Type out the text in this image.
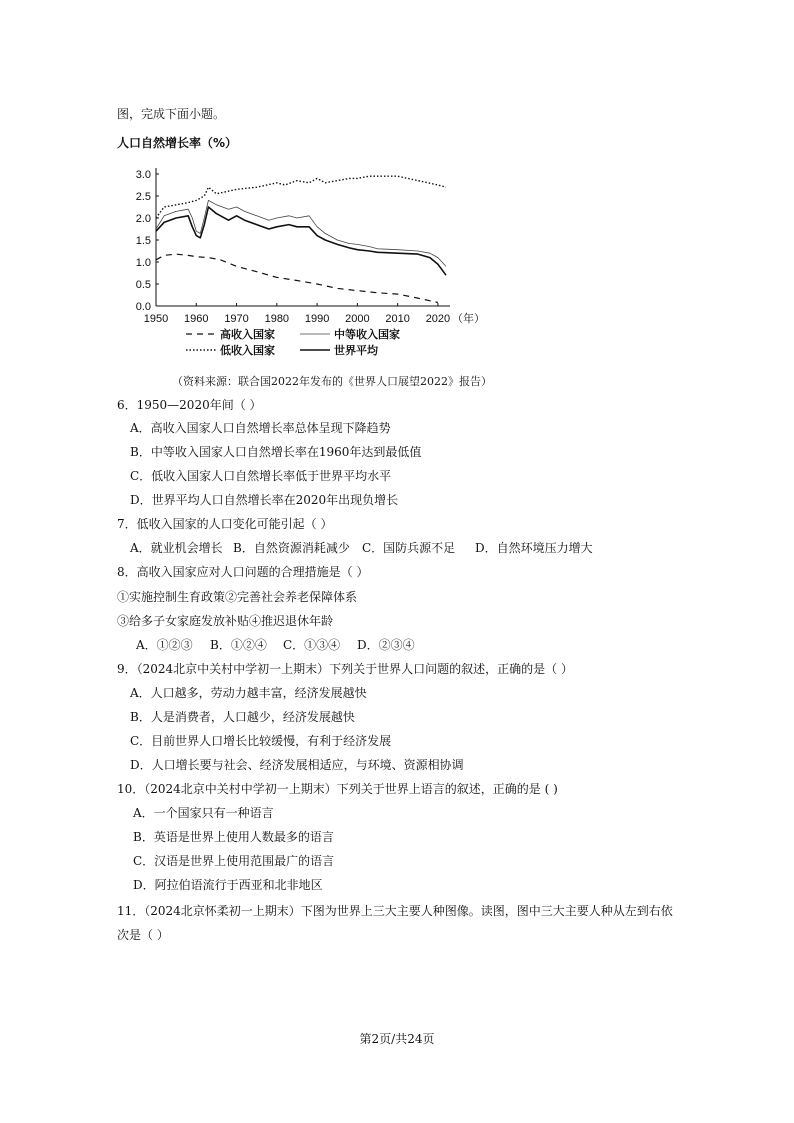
图，完成下面小题。
人口自然增长率（%）
0.0
0.5
1.0
1.5
2.0
2.5
3.0
1950 1960 1970 1980 1990 2000 2010 2020 （年）
高收入国家	中等收入国家
低收入国家	世界平均
（资料来源：联合国2022年发布的《世界人口展望2022》报告）
6．1950—2020年间（ ）
A．高收入国家人口自然增长率总体呈现下降趋势
B．中等收入国家人口自然增长率在1960年达到最低值
C．低收入国家人口自然增长率低于世界平均水平
D．世界平均人口自然增长率在2020年出现负增长
7．低收入国家的人口变化可能引起（ ）
A．就业机会增长 B．自然资源消耗减少 C．国防兵源不足 D．自然环境压力增大
8．高收入国家应对人口问题的合理措施是（ ）
①实施控制生育政策②完善社会养老保障体系
③给多子女家庭发放补贴④推迟退休年龄
A．①②③ B．①②④ C．①③④ D．②③④
9．（2024北京中关村中学初一上期末）下列关于世界人口问题的叙述，正确的是（ ）
A．人口越多，劳动力越丰富，经济发展越快
B．人是消费者，人口越少，经济发展越快
C．目前世界人口增长比较缓慢，有利于经济发展
D．人口增长要与社会、经济发展相适应，与环境、资源相协调
10．（2024北京中关村中学初一上期末）下列关于世界上语言的叙述，正确的是 ( )
A．一个国家只有一种语言
B．英语是世界上使用人数最多的语言
C．汉语是世界上使用范围最广的语言
D．阿拉伯语流行于西亚和北非地区
11．（2024北京怀柔初一上期末）下图为世界上三大主要人种图像。读图，图中三大主要人种从左到右依
次是（ ）
第2页/共24页
